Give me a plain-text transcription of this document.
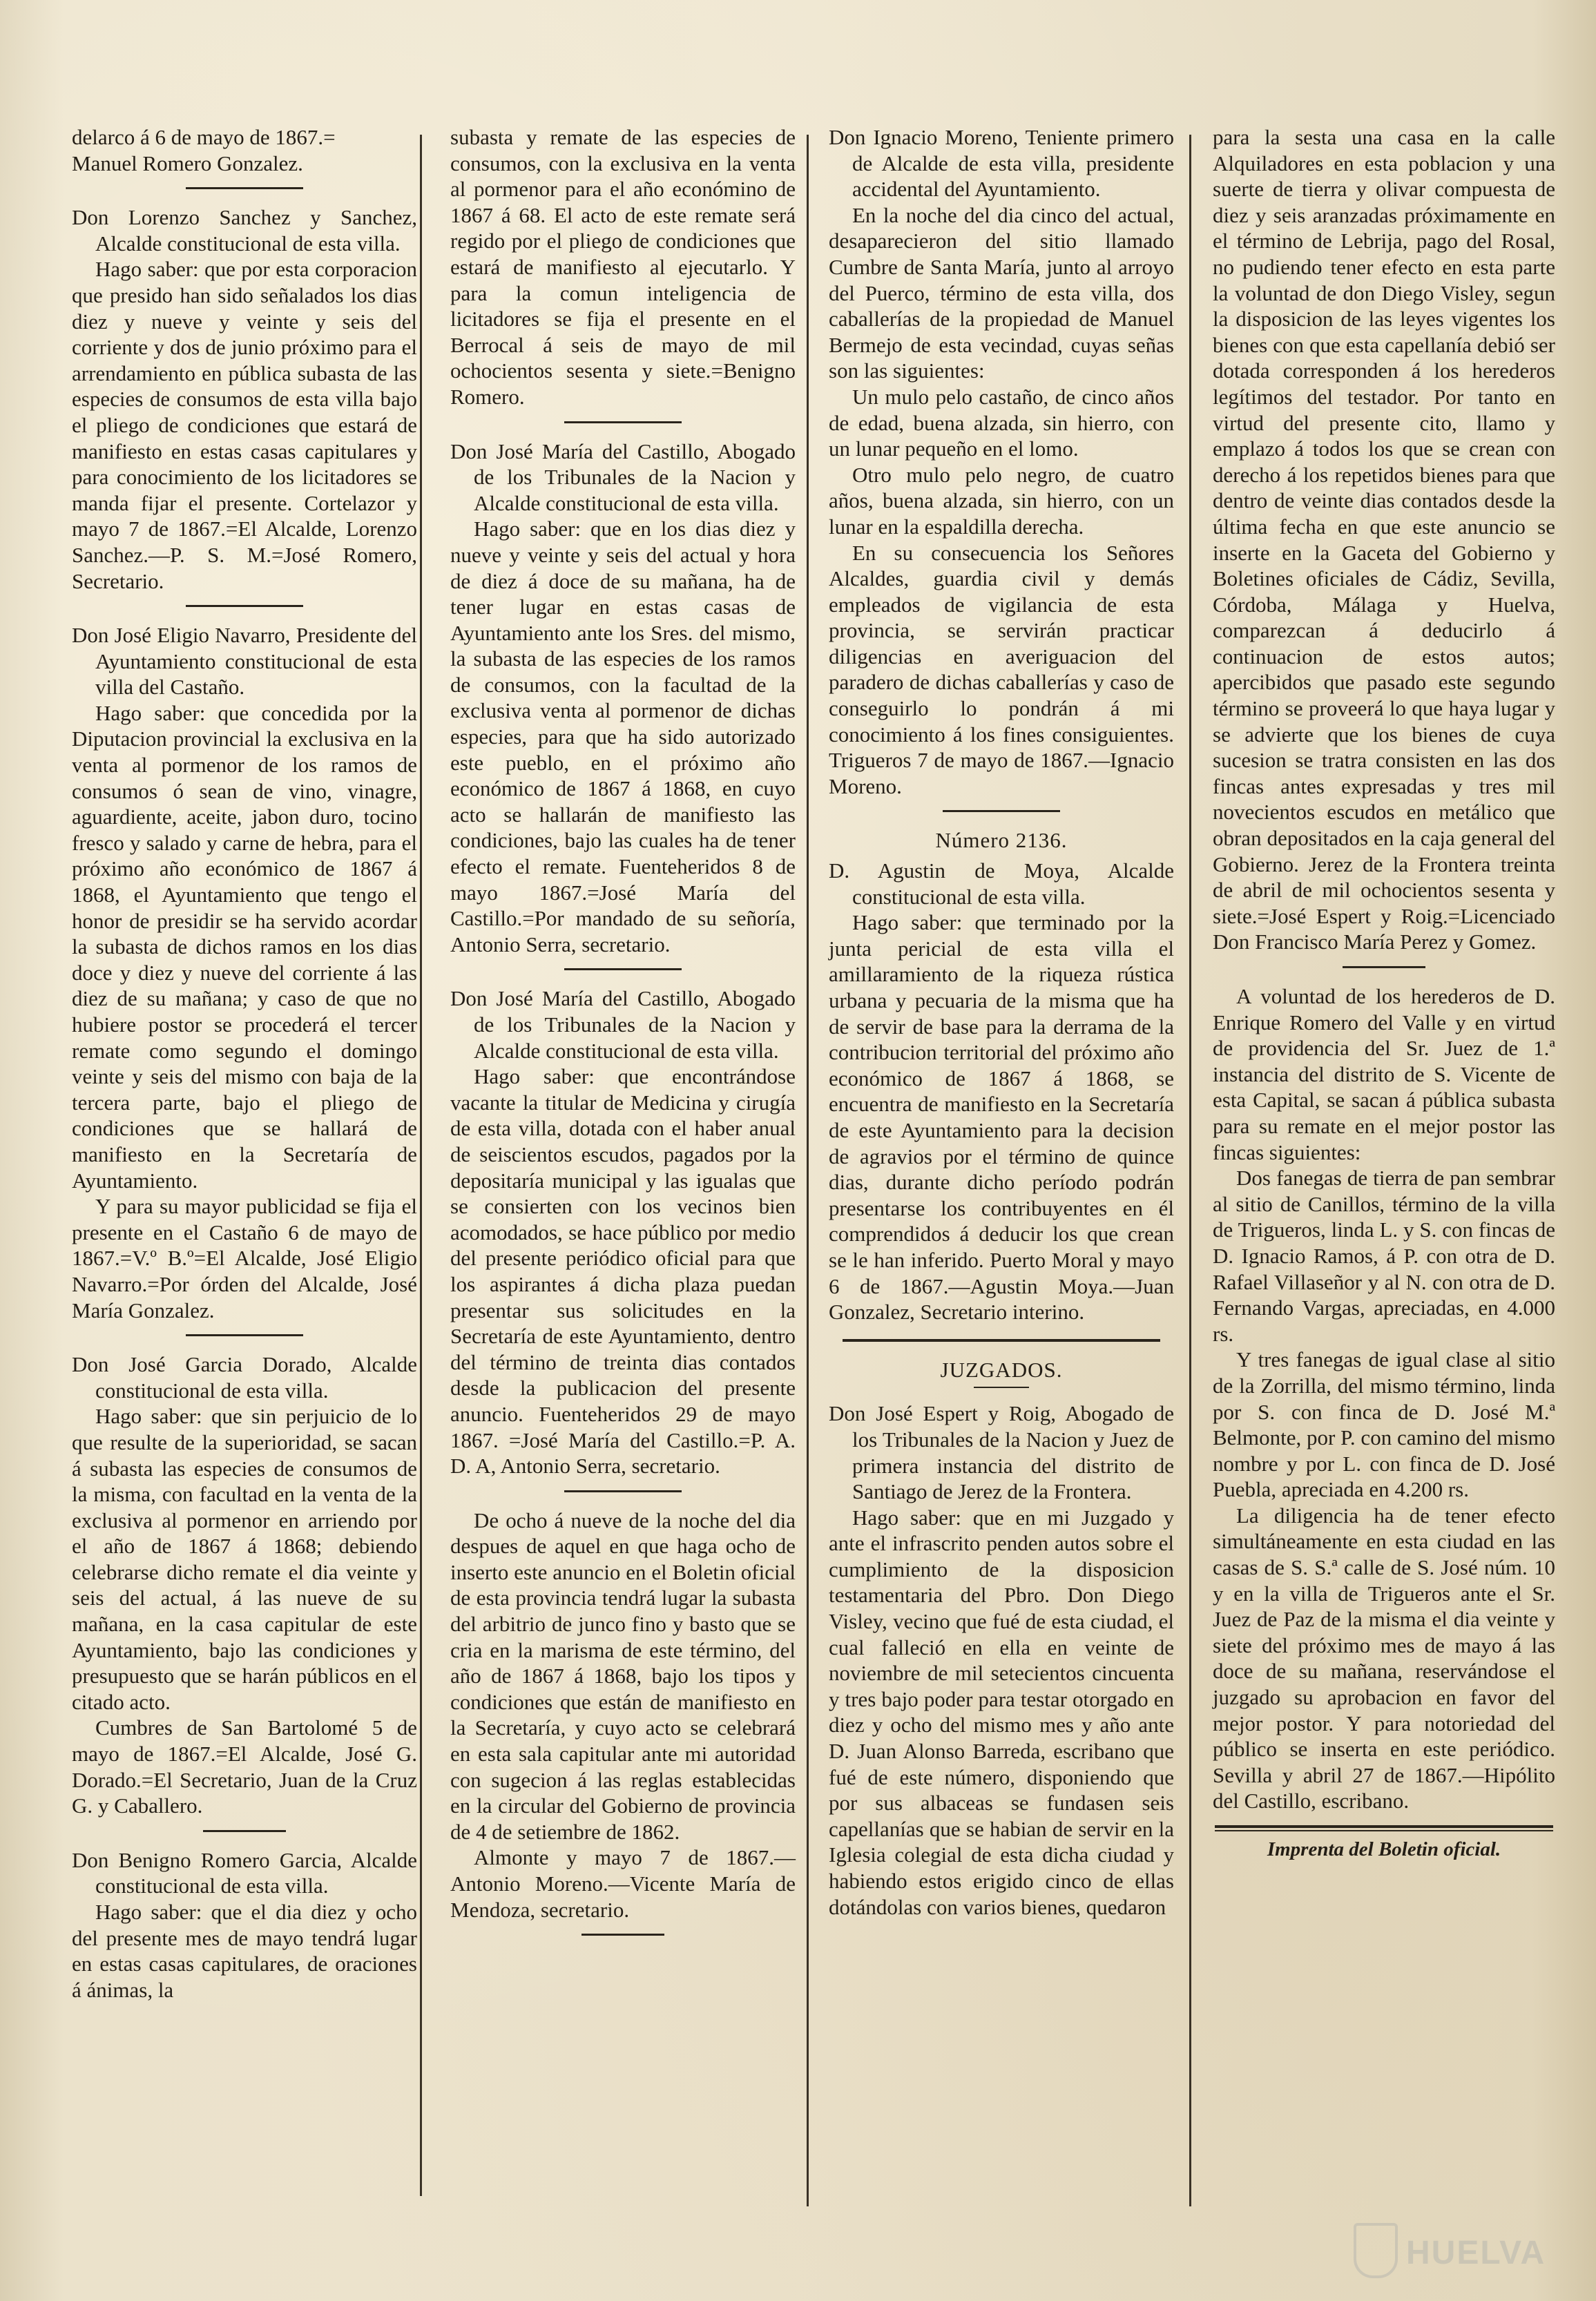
delarco á 6 de mayo de 1867.=

Manuel Romero Gonzalez.

Don Lorenzo Sanchez y Sanchez, Alcalde constitucional de esta villa.

Hago saber: que por esta corporacion que presido han sido señalados los dias diez y nueve y veinte y seis del corriente y dos de junio próximo para el arrendamiento en pública subasta de las especies de consumos de esta villa bajo el pliego de condiciones que estará de manifiesto en estas casas capitulares y para conocimiento de los licitadores se manda fijar el presente. Cortelazor y mayo 7 de 1867.=El Alcalde, Lorenzo Sanchez.—P. S. M.=José Romero, Secretario.

Don José Eligio Navarro, Presidente del Ayuntamiento constitucional de esta villa del Castaño.

Hago saber: que concedida por la Diputacion provincial la exclusiva en la venta al pormenor de los ramos de consumos ó sean de vino, vinagre, aguardiente, aceite, jabon duro, tocino fresco y salado y carne de hebra, para el próximo año económico de 1867 á 1868, el Ayuntamiento que tengo el honor de presidir se ha servido acordar la subasta de dichos ramos en los dias doce y diez y nueve del corriente á las diez de su mañana; y caso de que no hubiere postor se procederá el tercer remate como segundo el domingo veinte y seis del mismo con baja de la tercera parte, bajo el pliego de condiciones que se hallará de manifiesto en la Secretaría de Ayuntamiento.

Y para su mayor publicidad se fija el presente en el Castaño 6 de mayo de 1867.=V.º B.º=El Alcalde, José Eligio Navarro.=Por órden del Alcalde, José María Gonzalez.

Don José Garcia Dorado, Alcalde constitucional de esta villa.

Hago saber: que sin perjuicio de lo que resulte de la superioridad, se sacan á subasta las especies de consumos de la misma, con facultad en la venta de la exclusiva al pormenor en arriendo por el año de 1867 á 1868; debiendo celebrarse dicho remate el dia veinte y seis del actual, á las nueve de su mañana, en la casa capitular de este Ayuntamiento, bajo las condiciones y presupuesto que se harán públicos en el citado acto.

Cumbres de San Bartolomé 5 de mayo de 1867.=El Alcalde, José G. Dorado.=El Secretario, Juan de la Cruz G. y Caballero.

Don Benigno Romero Garcia, Alcalde constitucional de esta villa.

Hago saber: que el dia diez y ocho del presente mes de mayo tendrá lugar en estas casas capitulares, de oraciones á ánimas, la

subasta y remate de las especies de consumos, con la exclusiva en la venta al pormenor para el año económino de 1867 á 68. El acto de este remate será regido por el pliego de condiciones que estará de manifiesto al ejecutarlo. Y para la comun inteligencia de licitadores se fija el presente en el Berrocal á seis de mayo de mil ochocientos sesenta y siete.=Benigno Romero.

Don José María del Castillo, Abogado de los Tribunales de la Nacion y Alcalde constitucional de esta villa.

Hago saber: que en los dias diez y nueve y veinte y seis del actual y hora de diez á doce de su mañana, ha de tener lugar en estas casas de Ayuntamiento ante los Sres. del mismo, la subasta de las especies de los ramos de consumos, con la facultad de la exclusiva venta al pormenor de dichas especies, para que ha sido autorizado este pueblo, en el próximo año económico de 1867 á 1868, en cuyo acto se hallarán de manifiesto las condiciones, bajo las cuales ha de tener efecto el remate. Fuenteheridos 8 de mayo 1867.=José María del Castillo.=Por mandado de su señoría, Antonio Serra, secretario.

Don José María del Castillo, Abogado de los Tribunales de la Nacion y Alcalde constitucional de esta villa.

Hago saber: que encontrándose vacante la titular de Medicina y cirugía de esta villa, dotada con el haber anual de seiscientos escudos, pagados por la depositaría municipal y las igualas que se consierten con los vecinos bien acomodados, se hace público por medio del presente periódico oficial para que los aspirantes á dicha plaza puedan presentar sus solicitudes en la Secretaría de este Ayuntamiento, dentro del término de treinta dias contados desde la publicacion del presente anuncio. Fuenteheridos 29 de mayo 1867. =José María del Castillo.=P. A. D. A, Antonio Serra, secretario.

De ocho á nueve de la noche del dia despues de aquel en que haga ocho de inserto este anuncio en el Boletin oficial de esta provincia tendrá lugar la subasta del arbitrio de junco fino y basto que se cria en la marisma de este término, del año de 1867 á 1868, bajo los tipos y condiciones que están de manifiesto en la Secretaría, y cuyo acto se celebrará en esta sala capitular ante mi autoridad con sugecion á las reglas establecidas en la circular del Gobierno de provincia de 4 de setiembre de 1862.

Almonte y mayo 7 de 1867.— Antonio Moreno.—Vicente María de Mendoza, secretario.

Don Ignacio Moreno, Teniente primero de Alcalde de esta villa, presidente accidental del Ayuntamiento.

En la noche del dia cinco del actual, desaparecieron del sitio llamado Cumbre de Santa María, junto al arroyo del Puerco, término de esta villa, dos caballerías de la propiedad de Manuel Bermejo de esta vecindad, cuyas señas son las siguientes:

Un mulo pelo castaño, de cinco años de edad, buena alzada, sin hierro, con un lunar pequeño en el lomo.

Otro mulo pelo negro, de cuatro años, buena alzada, sin hierro, con un lunar en la espaldilla derecha.

En su consecuencia los Señores Alcaldes, guardia civil y demás empleados de vigilancia de esta provincia, se servirán practicar diligencias en averiguacion del paradero de dichas caballerías y caso de conseguirlo lo pondrán á mi conocimiento á los fines consiguientes. Trigueros 7 de mayo de 1867.—Ignacio Moreno.

Número 2136.

D. Agustin de Moya, Alcalde constitucional de esta villa.

Hago saber: que terminado por la junta pericial de esta villa el amillaramiento de la riqueza rústica urbana y pecuaria de la misma que ha de servir de base para la derrama de la contribucion territorial del próximo año económico de 1867 á 1868, se encuentra de manifiesto en la Secretaría de este Ayuntamiento para la decision de agravios por el término de quince dias, durante dicho período podrán presentarse los contribuyentes en él comprendidos á deducir los que crean se le han inferido. Puerto Moral y mayo 6 de 1867.—Agustin Moya.—Juan Gonzalez, Secretario interino.

JUZGADOS.

Don José Espert y Roig, Abogado de los Tribunales de la Nacion y Juez de primera instancia del distrito de Santiago de Jerez de la Frontera.

Hago saber: que en mi Juzgado y ante el infrascrito penden autos sobre el cumplimiento de la disposicion testamentaria del Pbro. Don Diego Visley, vecino que fué de esta ciudad, el cual falleció en ella en veinte de noviembre de mil setecientos cincuenta y tres bajo poder para testar otorgado en diez y ocho del mismo mes y año ante D. Juan Alonso Barreda, escribano que fué de este número, disponiendo que por sus albaceas se fundasen seis capellanías que se habian de servir en la Iglesia colegial de esta dicha ciudad y habiendo estos erigido cinco de ellas dotándolas con varios bienes, quedaron

para la sesta una casa en la calle Alquiladores en esta poblacion y una suerte de tierra y olivar compuesta de diez y seis aranzadas próximamente en el término de Lebrija, pago del Rosal, no pudiendo tener efecto en esta parte la voluntad de don Diego Visley, segun la disposicion de las leyes vigentes los bienes con que esta capellanía debió ser dotada corresponden á los herederos legítimos del testador. Por tanto en virtud del presente cito, llamo y emplazo á todos los que se crean con derecho á los repetidos bienes para que dentro de veinte dias contados desde la última fecha en que este anuncio se inserte en la Gaceta del Gobierno y Boletines oficiales de Cádiz, Sevilla, Córdoba, Málaga y Huelva, comparezcan á deducirlo á continuacion de estos autos; apercibidos que pasado este segundo término se proveerá lo que haya lugar y se advierte que los bienes de cuya sucesion se tratra consisten en las dos fincas antes expresadas y tres mil novecientos escudos en metálico que obran depositados en la caja general del Gobierno. Jerez de la Frontera treinta de abril de mil ochocientos sesenta y siete.=José Espert y Roig.=Licenciado Don Francisco María Perez y Gomez.

A voluntad de los herederos de D. Enrique Romero del Valle y en virtud de providencia del Sr. Juez de 1.ª instancia del distrito de S. Vicente de esta Capital, se sacan á pública subasta para su remate en el mejor postor las fincas siguientes:

Dos fanegas de tierra de pan sembrar al sitio de Canillos, término de la villa de Trigueros, linda L. y S. con fincas de D. Ignacio Ramos, á P. con otra de D. Rafael Villaseñor y al N. con otra de D. Fernando Vargas, apreciadas, en 4.000 rs.

Y tres fanegas de igual clase al sitio de la Zorrilla, del mismo término, linda por S. con finca de D. José M.ª Belmonte, por P. con camino del mismo nombre y por L. con finca de D. José Puebla, apreciada en 4.200 rs.

La diligencia ha de tener efecto simultáneamente en esta ciudad en las casas de S. S.ª calle de S. José núm. 10 y en la villa de Trigueros ante el Sr. Juez de Paz de la misma el dia veinte y siete del próximo mes de mayo á las doce de su mañana, reservándose el juzgado su aprobacion en favor del mejor postor. Y para notoriedad del público se inserta en este periódico. Sevilla y abril 27 de 1867.—Hipólito del Castillo, escribano.

Imprenta del Boletin oficial.

HUELVA
